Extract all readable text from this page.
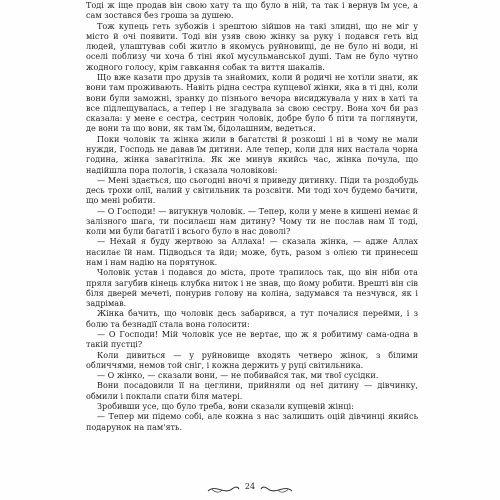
Тоді ж іще продав він свою хату та що було в ній, та так і вернув їм усе, а сам зостався без гроша за душею.

Тож купець геть зубожів і зрештою зійшов на такі злидні, що не міг у місто й очі появити. Тоді він узяв свою жінку за руку і подався геть від людей, улаштував собі житло в якомусь руйновищі, де не було ні води, ні оселі поблизу чи хоча б тіні якої мусульманської душі. Там не було чутно жодного голосу, крім гавкання собак та виття шакалів.

Що вже казати про друзів та знайомих, коли й родичі не хотіли знати, як вони там проживають. Навіть рідна сестра купцевої жінки, яка в ті дні, коли вони були заможні, зранку до пізнього вечора висиджувала у них в хаті та все підлещувалась, а тепер і не згадувала за свою сестру. Вона хоч би раз сказала: у мене є сестра, сестрин чоловік, добре було б піти та поглянути, де вони та що вони, як там їм, бідолашним, ведеться.

Поки чоловік та жінка жили в багатстві й розкоші і ні в чому не мали нужди, Господь не давав їм дитини. Але тепер, коли для них настала чорна година, жінка завагітніла. Як же минув якийсь час, жінка почула, що надійшла пора пологів, і сказала чоловікові:

— Мені здається, що сьогодні вночі я приведу дитинку. Піди та роздобудь десь трохи олії, налий у світильник та розсвіти. Ми тоді хоч будемо бачити, що мені робити.

— О Господи! — вигукнув чоловік. — Тепер, коли у мене в кишені немає й залізного шага, ти посилаєш нам дитину? Чому ти не послав нам її тоді, коли ми були багатії і всього було в нас доволі?

— Нехай я буду жертвою за Аллаха! — сказала жінка, — адже Аллах насилає їй нам. Підводься та йди; може, буть, разом з олією ти принесеш нам і нам надію на порятунок.

Чоловік устав і подався до міста, проте трапилось так, що він ніби ота пряля загубив кінець клубка ниток і не знав, що йому робити. Врешті він сів біля дверей мечеті, понурив голову на коліна, задумався та незчувся, як і задрімав.

Жінка бачить, що чоловік десь забарився, а тут почалися перейми, і з болю та безнадії стала вона голосити:

— О Господи! Мій чоловік усе не вертає, що ж я робитиму сама-одна в такій пустці?

Коли дивиться — у руйновище входять четверо жінок, з білими обличчями, немов той сніг, і кожна держить у руці світильника.

— О жінко, — сказали вони, — не побивайся так, ми твої сусідки.

Вони посадовили її на цеглини, прийняли од неї дитину — дівчинку, обмили і поклали спати біля матері.

Зробивши усе, що було треба, вони сказали купцевій жінці:

— Тепер ми підемо собі, але кожна з нас залишить оцій дівчинці якийсь подарунок на пам'ять.

24
